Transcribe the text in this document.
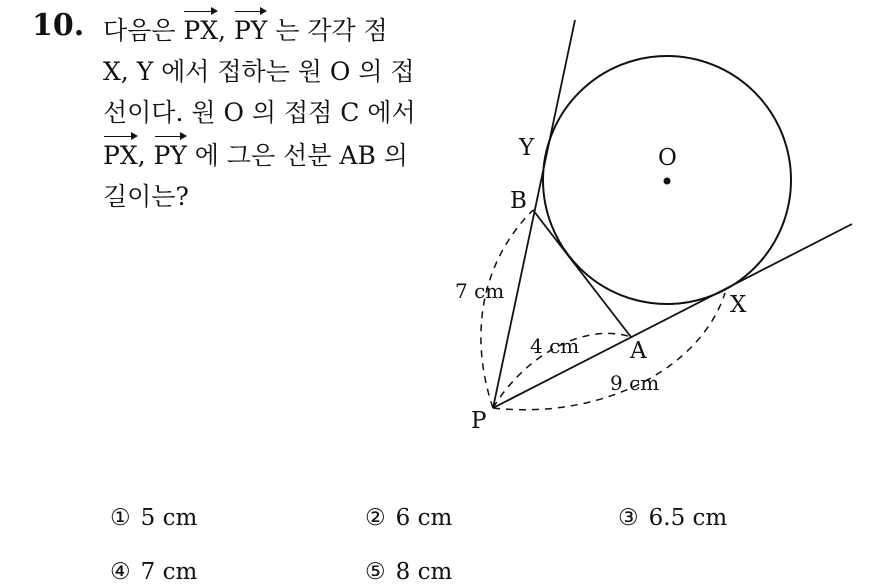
10. 다음은 PX, PY 는 각각 점
X, Y 에서 접하는 원 O 의 접
선이다. 원 O 의 접점 C 에서
PX, PY 에 그은 선분 AB 의
길이는?
O
Y
B
X
A
P
7 cm
4 cm
9 cm
① 5 cm	② 6 cm	③ 6.5 cm
④ 7 cm	⑤ 8 cm
